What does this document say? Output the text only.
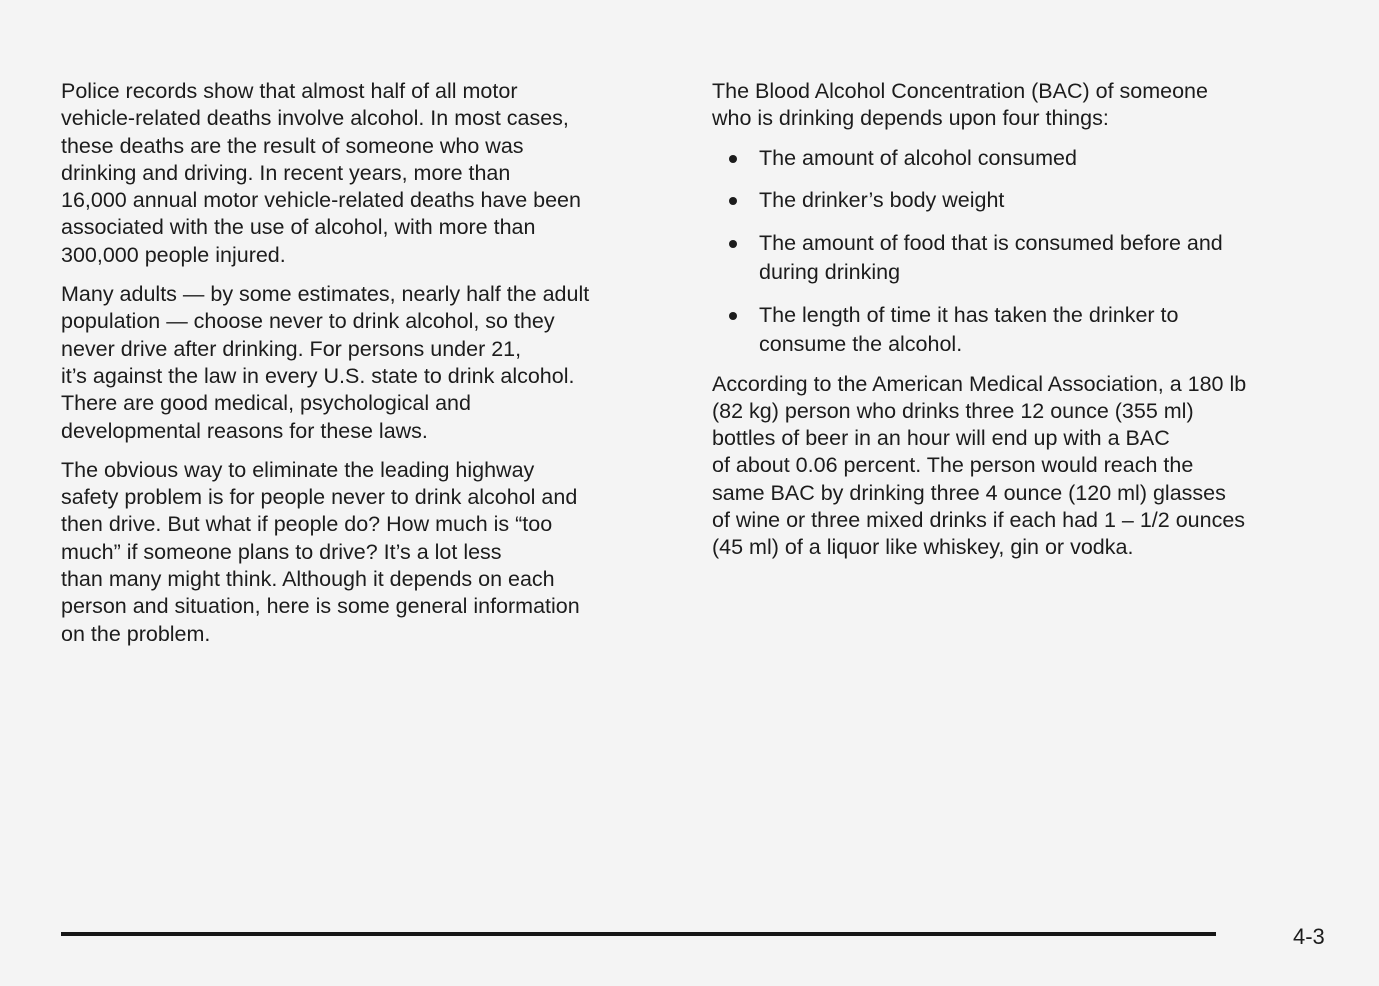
Police records show that almost half of all motor
vehicle-related deaths involve alcohol. In most cases,
these deaths are the result of someone who was
drinking and driving. In recent years, more than
16,000 annual motor vehicle-related deaths have been
associated with the use of alcohol, with more than
300,000 people injured.

Many adults — by some estimates, nearly half the adult
population — choose never to drink alcohol, so they
never drive after drinking. For persons under 21,
it’s against the law in every U.S. state to drink alcohol.
There are good medical, psychological and
developmental reasons for these laws.

The obvious way to eliminate the leading highway
safety problem is for people never to drink alcohol and
then drive. But what if people do? How much is “too
much” if someone plans to drive? It’s a lot less
than many might think. Although it depends on each
person and situation, here is some general information
on the problem.

The Blood Alcohol Concentration (BAC) of someone
who is drinking depends upon four things:

The amount of alcohol consumed
The drinker’s body weight
The amount of food that is consumed before and
during drinking
The length of time it has taken the drinker to
consume the alcohol.

According to the American Medical Association, a 180 lb
(82 kg) person who drinks three 12 ounce (355 ml)
bottles of beer in an hour will end up with a BAC
of about 0.06 percent. The person would reach the
same BAC by drinking three 4 ounce (120 ml) glasses
of wine or three mixed drinks if each had 1 – 1/2 ounces
(45 ml) of a liquor like whiskey, gin or vodka.

4-3
